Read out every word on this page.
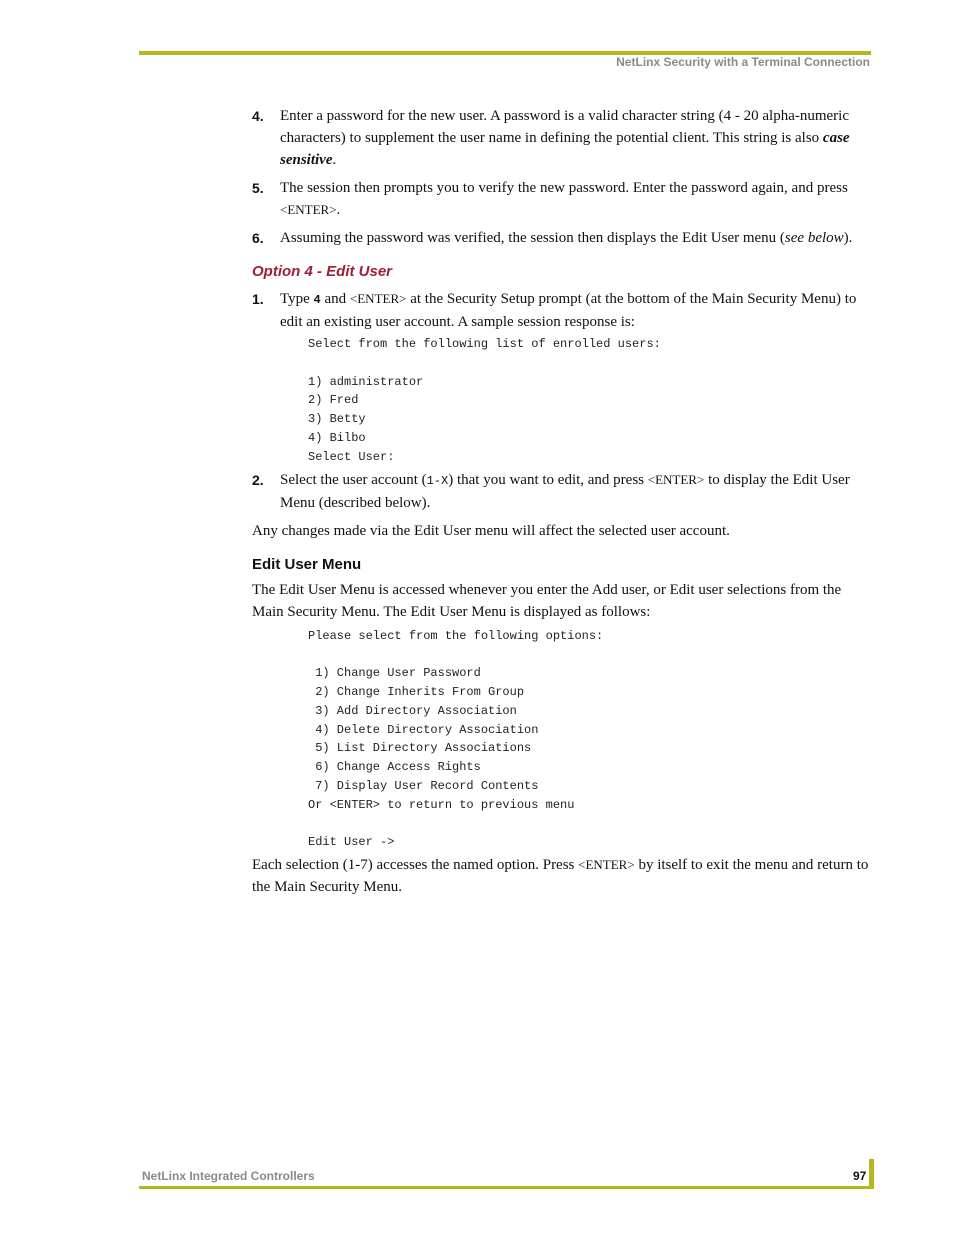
NetLinx Security with a Terminal Connection
4. Enter a password for the new user. A password is a valid character string (4 - 20 alpha-numeric characters) to supplement the user name in defining the potential client. This string is also case sensitive.
5. The session then prompts you to verify the new password. Enter the password again, and press <ENTER>.
6. Assuming the password was verified, the session then displays the Edit User menu (see below).
Option 4 - Edit User
1. Type 4 and <ENTER> at the Security Setup prompt (at the bottom of the Main Security Menu) to edit an existing user account. A sample session response is:
Select from the following list of enrolled users:
1) administrator
2) Fred
3) Betty
4) Bilbo
Select User:
2. Select the user account (1-X) that you want to edit, and press <ENTER> to display the Edit User Menu (described below).
Any changes made via the Edit User menu will affect the selected user account.
Edit User Menu
The Edit User Menu is accessed whenever you enter the Add user, or Edit user selections from the Main Security Menu. The Edit User Menu is displayed as follows:
Please select from the following options:
1) Change User Password
2) Change Inherits From Group
3) Add Directory Association
4) Delete Directory Association
5) List Directory Associations
6) Change Access Rights
7) Display User Record Contents
Or <ENTER> to return to previous menu
Edit User ->
Each selection (1-7) accesses the named option. Press <ENTER> by itself to exit the menu and return to the Main Security Menu.
NetLinx Integrated Controllers	97
